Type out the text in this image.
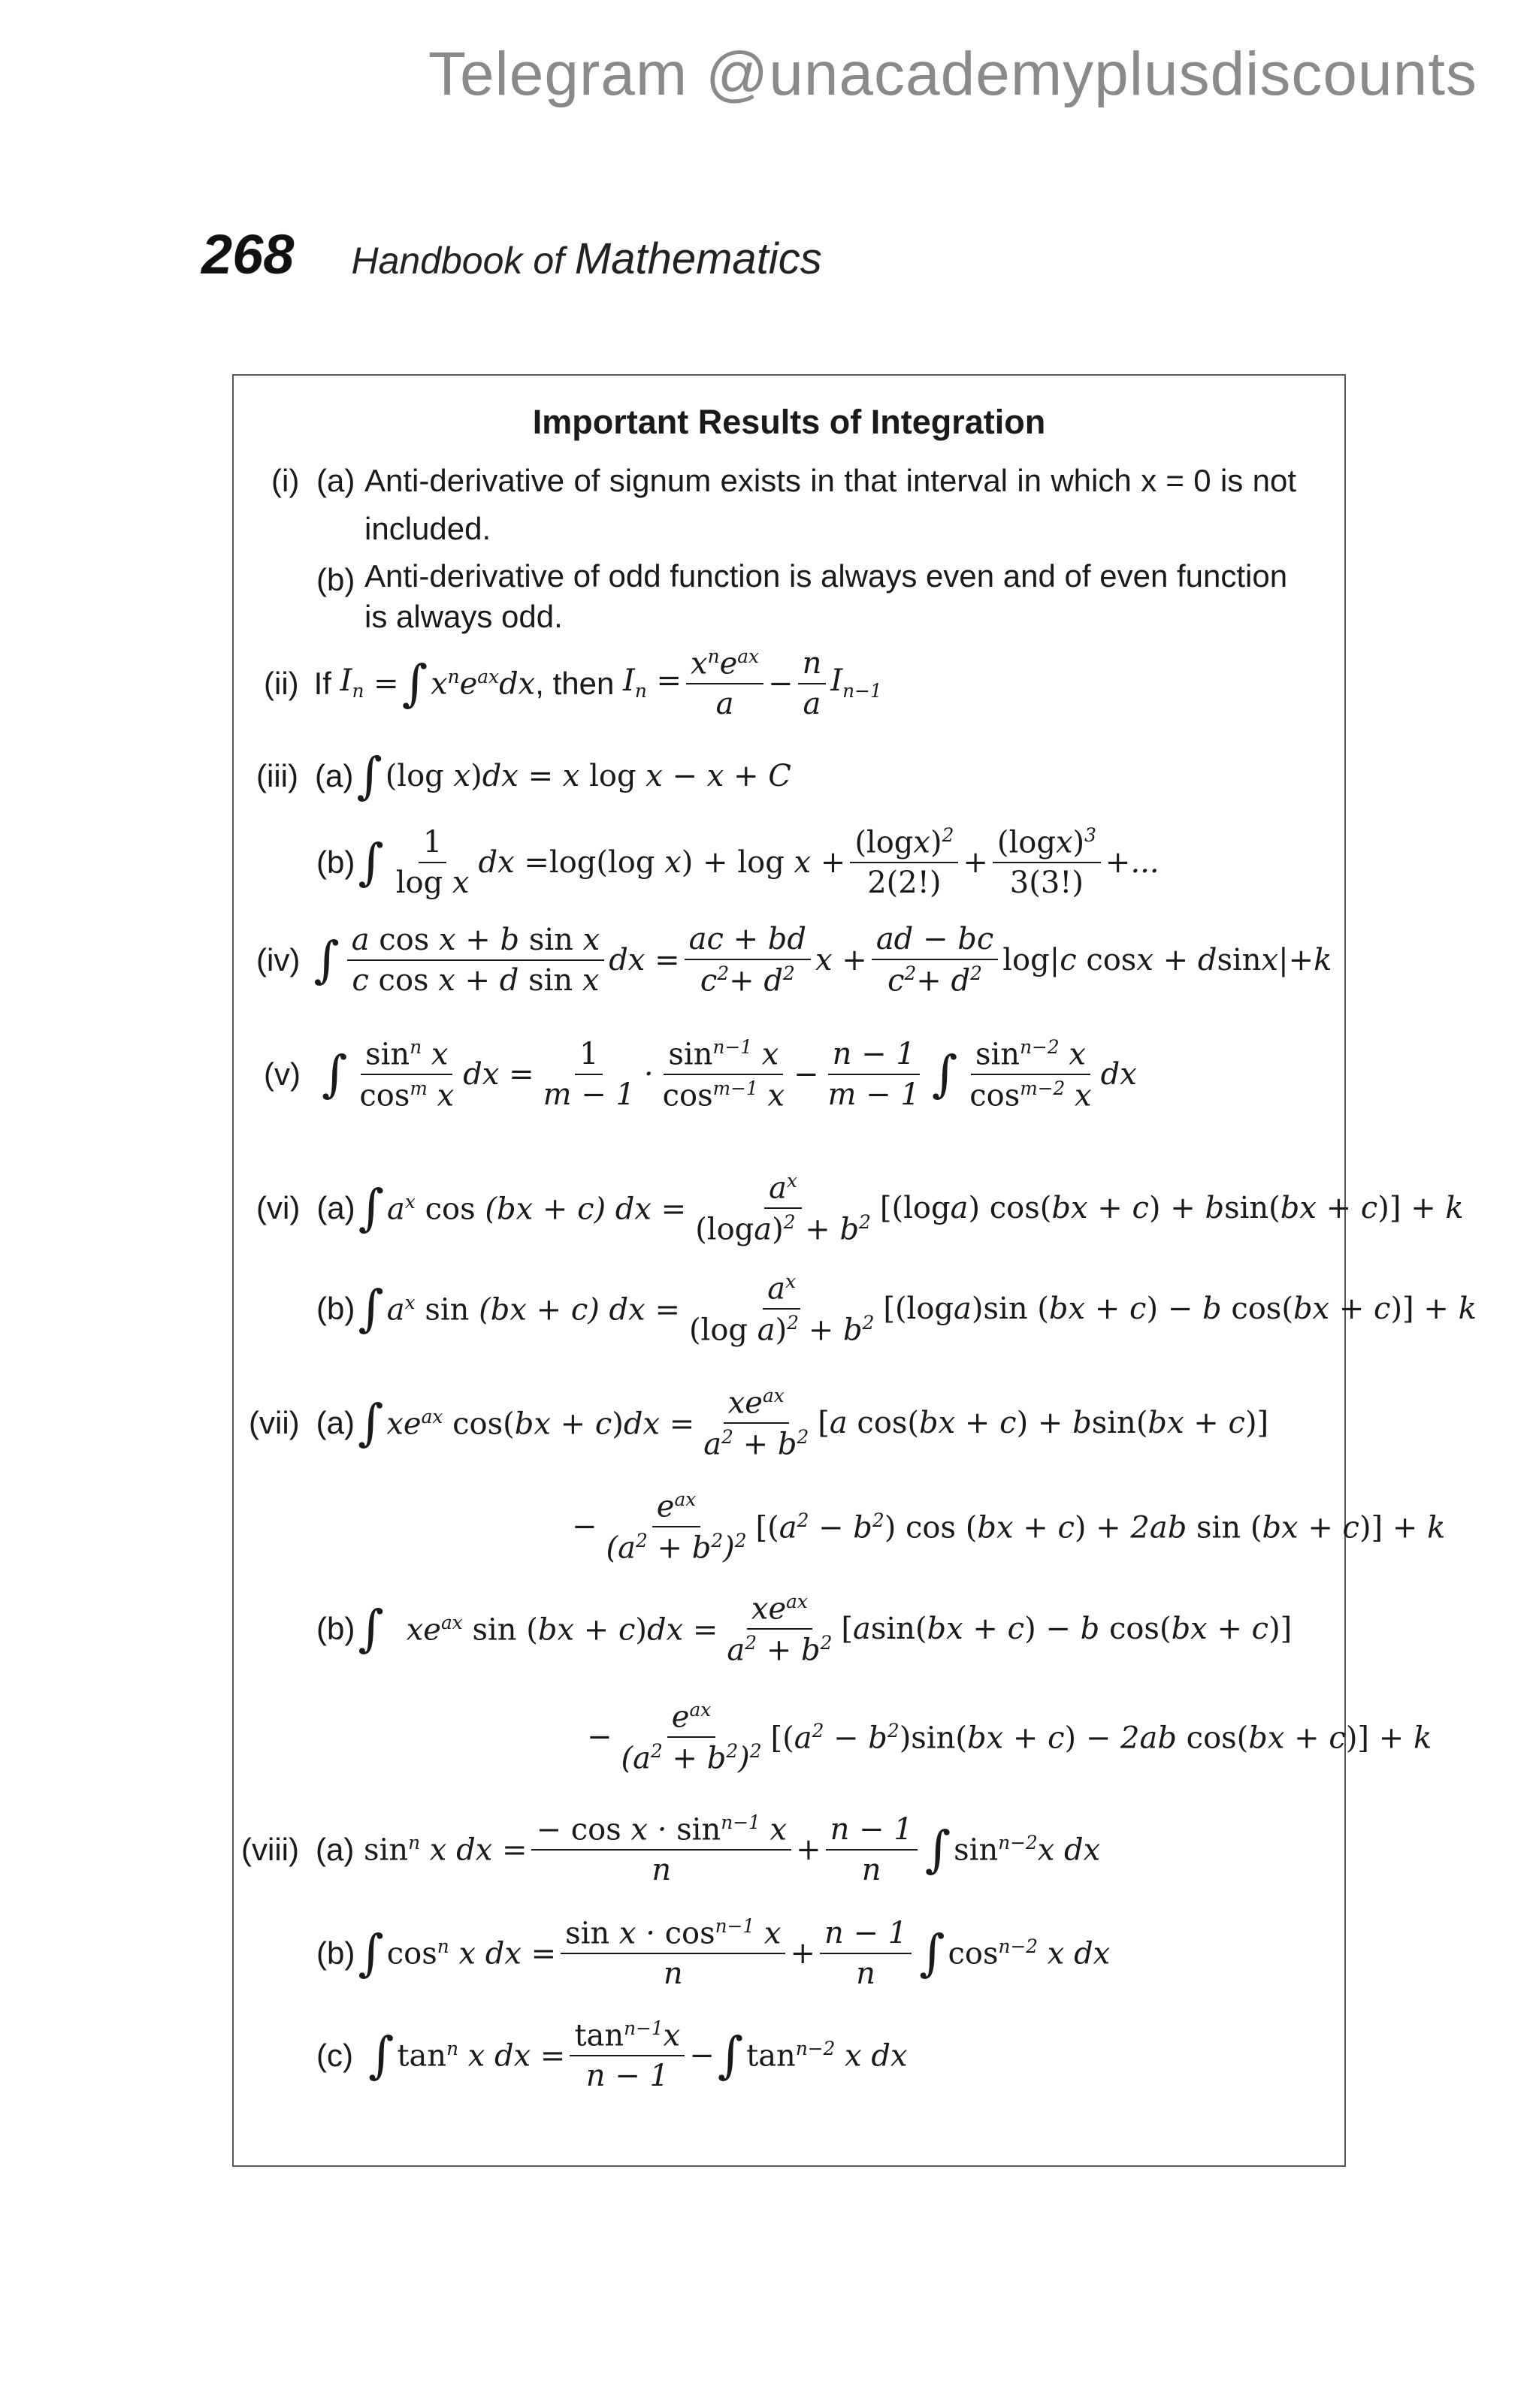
Telegram @unacademyplusdiscounts
268 Handbook of Mathematics
Important Results of Integration
(i) (a) Anti-derivative of signum exists in that interval in which x = 0 is not included.
(b) Anti-derivative of odd function is always even and of even function is always odd.
(ii) If $I_n$ = ∫ $x^ne^{ax}dx$ , then $I_n = \frac{x^ne^{ax}}{a} - \frac{n}{a} I_{n-1}$
(iii) (a) ∫ (log x)dx = x log x − x + C
(b) ∫ $\frac{1}{\text{log x}}$ dx =log(log $x) + \log x + \frac{(\log x)^2}{2(2!)} + \frac{(\log x)^3}{3(3!)}$ +...
(iv) ∫ $\frac{\text{a cos x + b sin x}}{\text{c cos x + d sin x}}$ dx = $\frac{ac + bd}{c^2+ d^2}$ $x + \frac{ad - bc}{c^2+ d^2} \log|c$ cosx + dsinx|+k
(v) ∫ $\frac{\sin^n x}{\cos^m x}$ dx = $\frac{1}{m - 1} \cdot \frac{\sin^{n-1} x}{\cos^{m-1} x} - \frac{n - 1}{m - 1}$ ∫ $\frac{\sin^{n-2} x}{\cos^{m-2} x}$ dx
(vi) (a) ∫ $a^x$ cos (bx + c) dx = $\frac{a^x}{(\log a)^2 + b^2} [(\log a) \cos(bx + c) + bsin(bx + c)] + k$
(b) ∫ $a^x$ sin (bx + c) dx = $\frac{a^x}{(\log a)^2 + b^2} [(\log a)\sin$ (bx + c) − b cos(bx + c)] + k
(vii) (a) ∫ $xe^{ax}$ $\cos(bx + c)dx = \frac{xe^{ax}}{a^2 + b^2} [a$ cos(bx + c) + bsin(bx + c)]
− $\frac{e^{ax}}{(a^2 + b^2)^2} [(a^2 - b^2)$ cos (bx + c) + 2ab sin (bx + c)] + k
(b) ∫ $xe^{ax}$ $\sin (bx + c)dx = \frac{xe^{ax}}{a^2 + b^2} [asin(bx + c) - b$ cos(bx + c)]
− $\frac{e^{ax}}{(a^2 + b^2)^2} [(a^2 - b^2)\sin(bx + c) - 2ab$ cos(bx + c)] + k
(viii) (a) $\sin^n x$ dx = $\frac{- \cos x \cdot \sin^{n-1} x}{n} + \frac{n - 1}{n}$ ∫ $\sin^{n-2}x$ dx
(b) ∫ $\cos^n x$ dx = $\frac{\sin x \cdot \cos^{n-1} x}{n} + \frac{n - 1}{n}$ ∫ $\cos^{n-2} x$ dx
(c) ∫ $\tan^n x$ dx = $\frac{\tan^{n-1}x}{n - 1}$ − ∫ $\tan^{n-2} x$ dx
